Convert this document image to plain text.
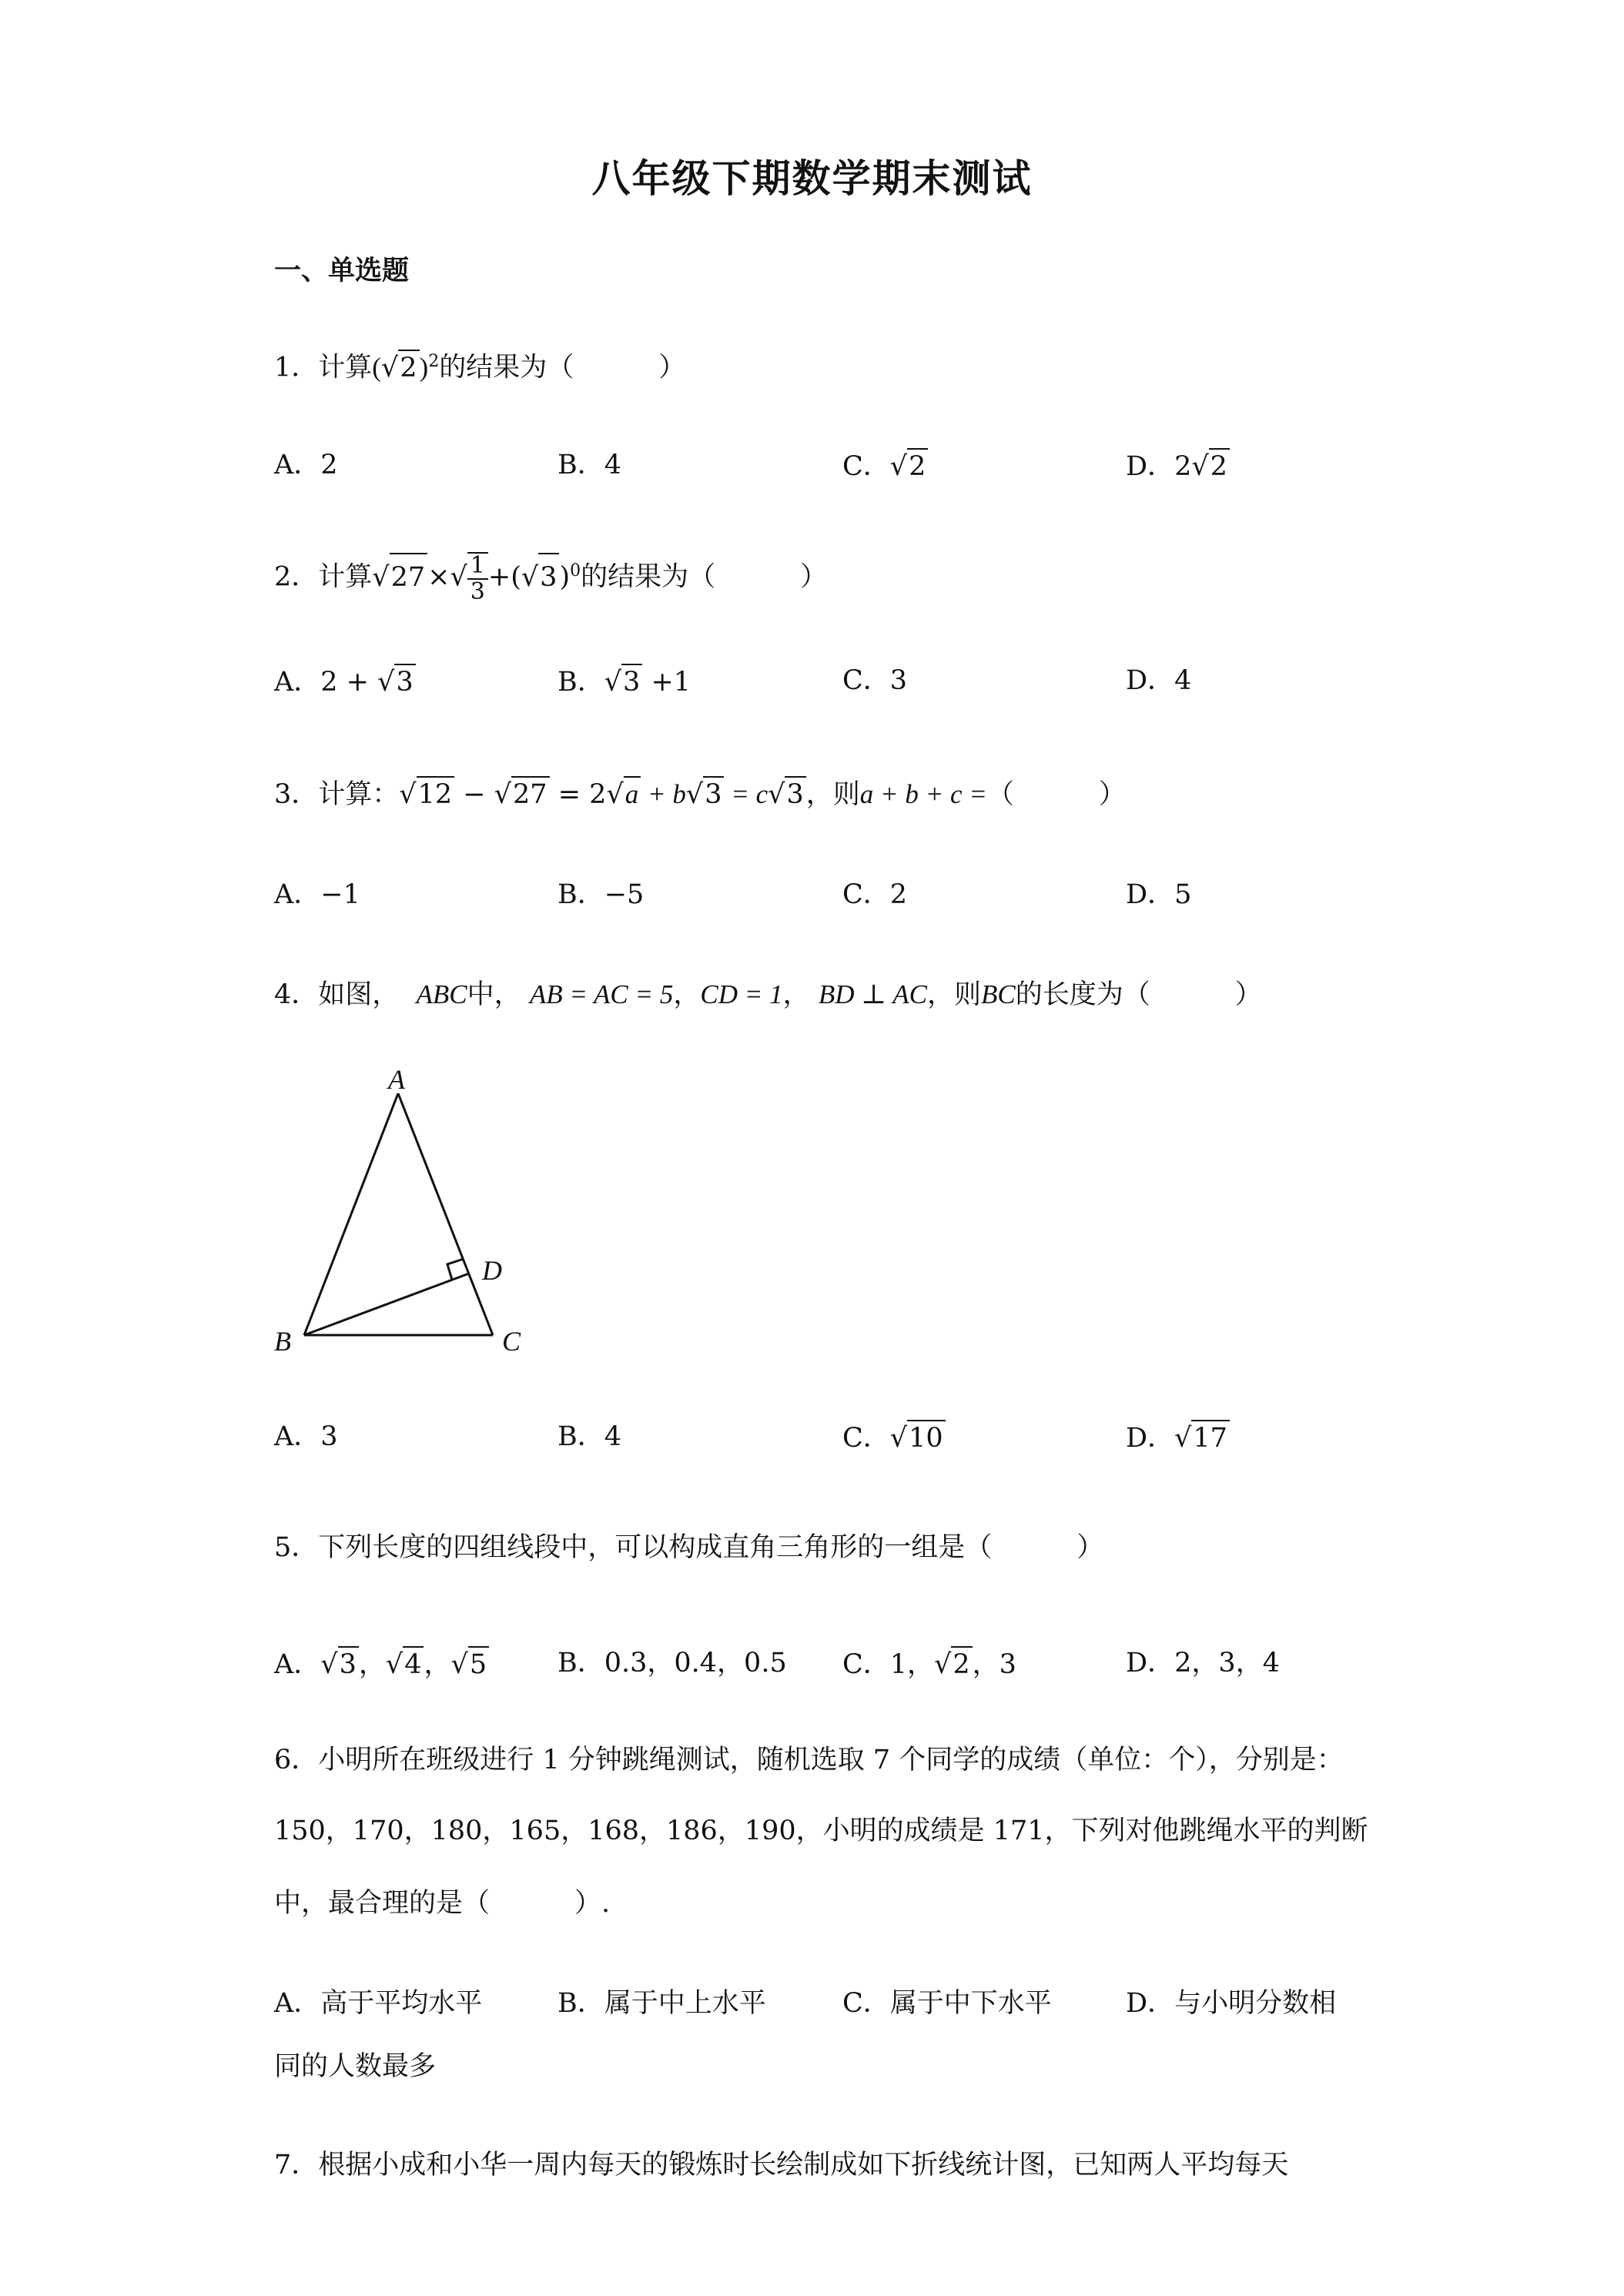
八年级下期数学期末测试
一、单选题
1．计算$(√2)^2$的结果为（	）
A．2	B．4	C．√2	D．2√2
2．计算$√27\times√ \frac{1}{3} +(√3)^0$的结果为（	）
A．2 + √3	B．√3 +1	C．3	D．4
3．计算：√12 − √27 = 2√a + b√3 = c√3，则a + b + c =（	）
A．−1	B．−5	C．2	D．5
4．如图， ABC中， AB = AC = 5，CD = 1， BD ⊥ AC，则BC的长度为（	）
A
B	C
D
A．3	B．4	C．√10	D．√17
5．下列长度的四组线段中，可以构成直角三角形的一组是（	）
A．√3，√4，√5	B．0.3，0.4，0.5 C．1，√2，3	D．2，3，4
6．小明所在班级进行 1 分钟跳绳测试，随机选取 7 个同学的成绩（单位：个），分别是：
150，170，180，165，168，186，190，小明的成绩是 171，下列对他跳绳水平的判断
中，最合理的是（	）.
A．高于平均水平	B．属于中上水平	C．属于中下水平	D．与小明分数相
同的人数最多
7．根据小成和小华一周内每天的锻炼时长绘制成如下折线统计图，已知两人平均每天
